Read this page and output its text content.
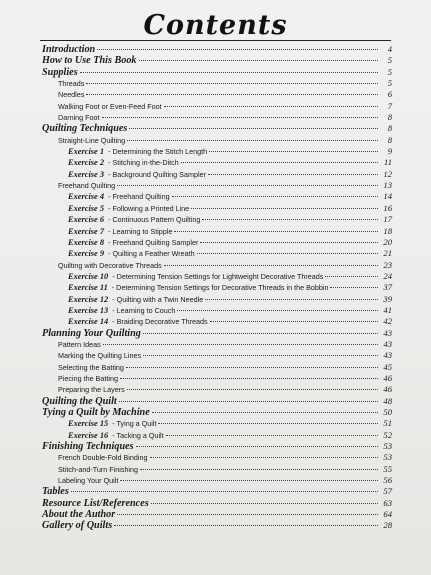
Contents
Introduction	4
How to Use This Book	5
Supplies	5
Threads	5
Needles	6
Walking Foot or Even-Feed Foot	7
Darning Foot	8
Quilting Techniques	8
Straight-Line Quilting	8
Exercise 1 - Determining the Stitch Length	9
Exercise 2 - Stitching in-the-Ditch	11
Exercise 3 - Background Quilting Sampler	12
Freehand Quilting	13
Exercise 4 - Freehand Quilting	14
Exercise 5 - Following a Printed Line	16
Exercise 6 - Continuous Pattern Quilting	17
Exercise 7 - Learning to Stipple	18
Exercise 8 - Freehand Quilting Sampler	20
Exercise 9 - Quilting a Feather Wreath	21
Quilting with Decorative Threads	23
Exercise 10 - Determining Tension Settings for Lightweight Decorative Threads	24
Exercise 11 - Determining Tension Settings for Decorative Threads in the Bobbin	37
Exercise 12 - Quilting with a Twin Needle	39
Exercise 13 - Learning to Couch	41
Exercise 14 - Braiding Decorative Threads	42
Planning Your Quilting	43
Pattern Ideas	43
Marking the Quilting Lines	43
Selecting the Batting	45
Piecing the Batting	46
Preparing the Layers	46
Quilting the Quilt	48
Tying a Quilt by Machine	50
Exercise 15 - Tying a Quilt	51
Exercise 16 - Tacking a Quilt	52
Finishing Techniques	53
French Double-Fold Binding	53
Stitch-and-Turn Finishing	55
Labeling Your Quilt	56
Tables	57
Resource List/References	63
About the Author	64
Gallery of Quilts	28
